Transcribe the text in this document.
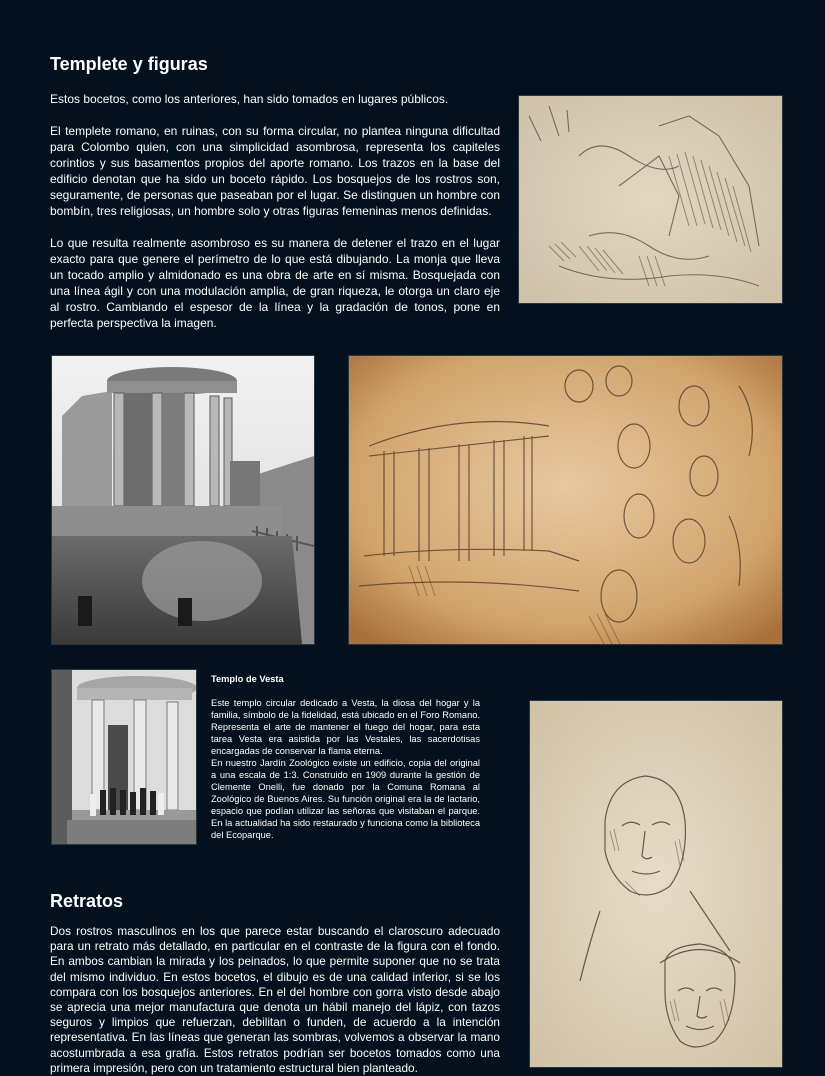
Templete y figuras
Estos bocetos, como los anteriores, han sido tomados en lugares públicos.
El templete romano, en ruinas, con su forma circular, no plantea ninguna dificultad para Colombo quien, con una simplicidad asombrosa, representa los capiteles corintios y sus basamentos propios del aporte romano. Los trazos en la base del edificio denotan que ha sido un boceto rápido. Los bosquejos de los rostros son, seguramente, de personas que paseaban por el lugar. Se distinguen un hombre con bombín, tres religiosas, un hombre solo y otras figuras femeninas menos definidas.
Lo que resulta realmente asombroso es su manera de detener el trazo en el lugar exacto para que genere el perímetro de lo que está dibujando. La monja que lleva un tocado amplio y almidonado es una obra de arte en sí misma. Bosquejada con una línea ágil y con una modulación amplia, de gran riqueza, le otorga un claro eje al rostro. Cambiando el espesor de la línea y la gradación de tonos, pone en perfecta perspectiva la imagen.
Templo de Vesta
Este templo circular dedicado a Vesta, la diosa del hogar y la familia, símbolo de la fidelidad, está ubicado en el Foro Romano. Representa el arte de mantener el fuego del hogar, para esta tarea Vesta era asistida por las Vestales, las sacerdotisas encargadas de conservar la flama eterna.
En nuestro Jardín Zoológico existe un edificio, copia del original a una escala de 1:3. Construido en 1909 durante la gestión de Clemente Onelli, fue donado por la Comuna Romana al Zoológico de Buenos Aires. Su función original era la de lactario, espacio que podían utilizar las señoras que visitaban el parque. En la actualidad ha sido restaurado y funciona como la biblioteca del Ecoparque.
Retratos
Dos rostros masculinos en los que parece estar buscando el claroscuro adecuado para un retrato más detallado, en particular en el contraste de la figura con el fondo. En ambos cambian la mirada y los peinados, lo que permite suponer que no se trata del mismo individuo. En estos bocetos, el dibujo es de una calidad inferior, si se los compara con los bosquejos anteriores. En el del hombre con gorra visto desde abajo se aprecia una mejor manufactura que denota un hábil manejo del lápiz, con tazos seguros y limpios que refuerzan, debilitan o funden, de acuerdo a la intención representativa. En las líneas que generan las sombras, volvemos a observar la mano acostumbrada a esa grafía. Estos retratos podrían ser bocetos tomados como una primera impresión, pero con un tratamiento estructural bien planteado.
